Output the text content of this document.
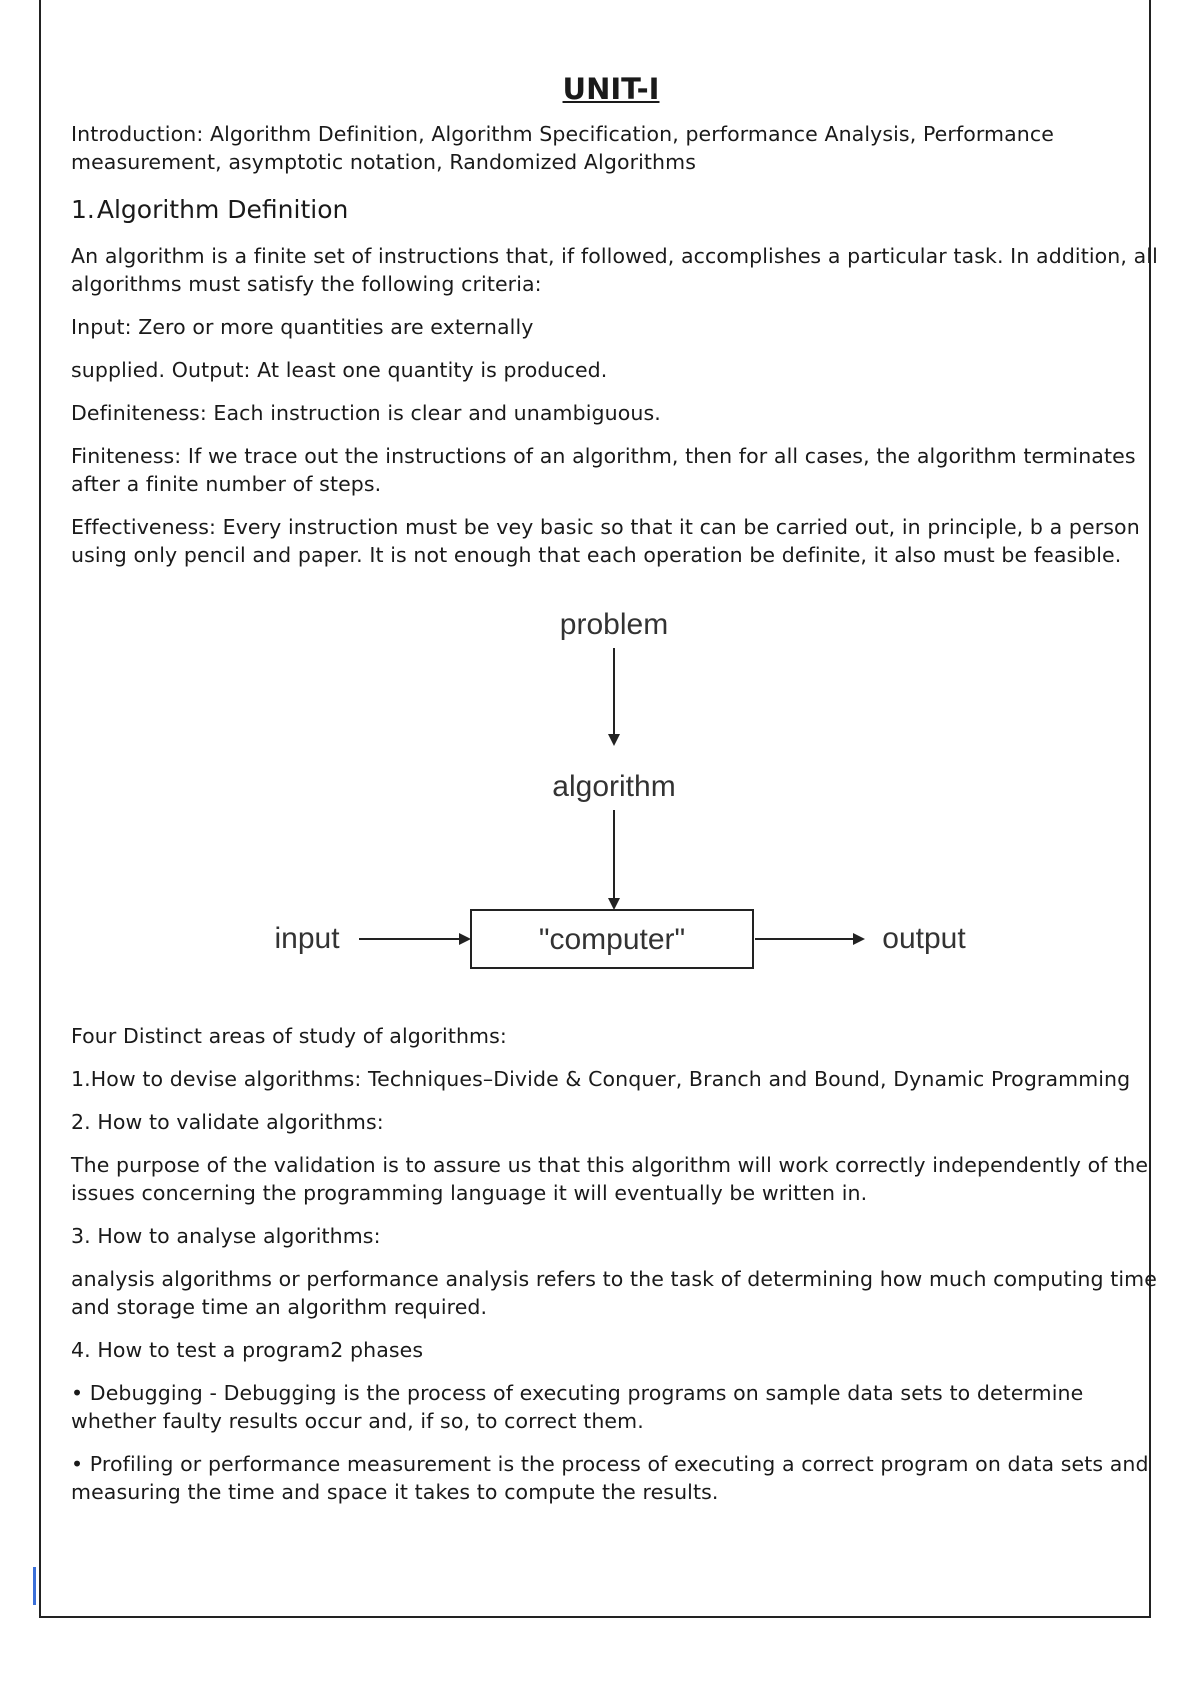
UNIT-I

Introduction: Algorithm Definition, Algorithm Specification, performance Analysis, Performance measurement, asymptotic notation, Randomized Algorithms

1.Algorithm Definition

An algorithm is a finite set of instructions that, if followed, accomplishes a particular task. In addition, all algorithms must satisfy the following criteria:

Input: Zero or more quantities are externally

supplied. Output: At least one quantity is produced.

Definiteness: Each instruction is clear and unambiguous.

Finiteness: If we trace out the instructions of an algorithm, then for all cases, the algorithm terminates after a finite number of steps.

Effectiveness: Every instruction must be vey basic so that it can be carried out, in principle, b a person using only pencil and paper. It is not enough that each operation be definite, it also must be feasible.

problem
algorithm
"computer"
input	output

Four Distinct areas of study of algorithms:

1.How to devise algorithms: Techniques–Divide & Conquer, Branch and Bound, Dynamic Programming

2. How to validate algorithms:

The purpose of the validation is to assure us that this algorithm will work correctly independently of the issues concerning the programming language it will eventually be written in.

3. How to analyse algorithms:

analysis algorithms or performance analysis refers to the task of determining how much computing time and storage time an algorithm required.

4. How to test a program2 phases

• Debugging - Debugging is the process of executing programs on sample data sets to determine whether faulty results occur and, if so, to correct them.

• Profiling or performance measurement is the process of executing a correct program on data sets and measuring the time and space it takes to compute the results.
